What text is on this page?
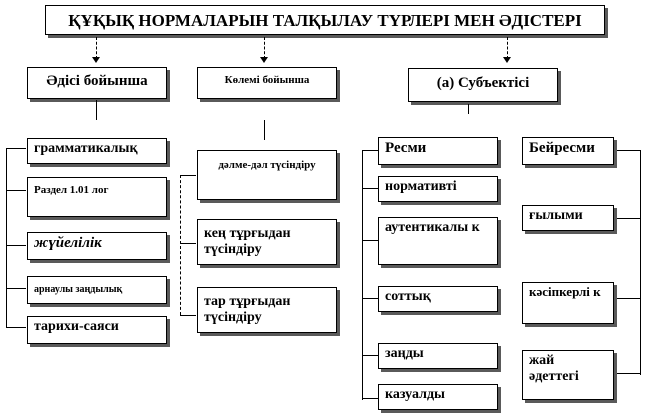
ҚҰҚЫҚ НОРМАЛАРЫН ТАЛҚЫЛАУ ТҮРЛЕРІ МЕН ӘДІСТЕРІ
Әдісі бойынша	Көлемі бойынша	(a) Субъектісі
грамматикалық
Раздел 1.01 лог
жүйелілік
арнаулы заңдылық
тарихи-саяси
дәлме-дәл түсіндіру
кең тұрғыдан түсіндіру
тар тұрғыдан түсіндіру
Ресми
нормативті
аутентикалы к
соттық
заңды
казуалды
Бейресми
ғылыми
кәсіпкерлі к
жай әдеттегі
